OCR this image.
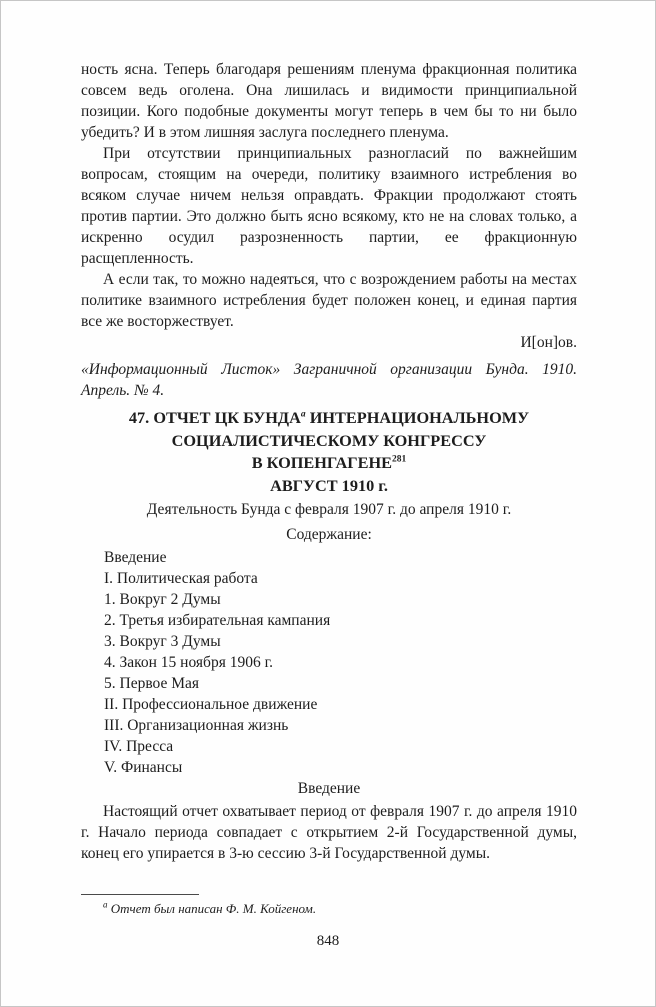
ность ясна. Теперь благодаря решениям пленума фракционная политика совсем ведь оголена. Она лишилась и видимости принципиальной позиции. Кого подобные документы могут теперь в чем бы то ни было убедить? И в этом лишняя заслуга последнего пленума.

При отсутствии принципиальных разногласий по важнейшим вопросам, стоящим на очереди, политику взаимного истребления во всяком случае ничем нельзя оправдать. Фракции продолжают стоять против партии. Это должно быть ясно всякому, кто не на словах только, а искренно осудил разрозненность партии, ее фракционную расщепленность.

А если так, то можно надеяться, что с возрождением работы на местах политике взаимного истребления будет положен конец, и единая партия все же восторжествует.

И[он]ов.

«Информационный Листок» Заграничной организации Бунда. 1910. Апрель. № 4.

47. ОТЧЕТ ЦК БУНДА$^а$ ИНТЕРНАЦИОНАЛЬНОМУ
СОЦИАЛИСТИЧЕСКОМУ КОНГРЕССУ
В КОПЕНГАГЕНЕ$^{281}$
АВГУСТ 1910 г.

Деятельность Бунда с февраля 1907 г. до апреля 1910 г.

Содержание:

Введение
I. Политическая работа
1. Вокруг 2 Думы
2. Третья избирательная кампания
3. Вокруг 3 Думы
4. Закон 15 ноября 1906 г.
5. Первое Мая
II. Профессиональное движение
III. Организационная жизнь
IV. Пресса
V. Финансы

Введение

Настоящий отчет охватывает период от февраля 1907 г. до апреля 1910 г. Начало периода совпадает с открытием 2-й Государственной думы, конец его упирается в 3-ю сессию 3-й Государственной думы.

$^а$ Отчет был написан Ф. М. Койгеном.

848
